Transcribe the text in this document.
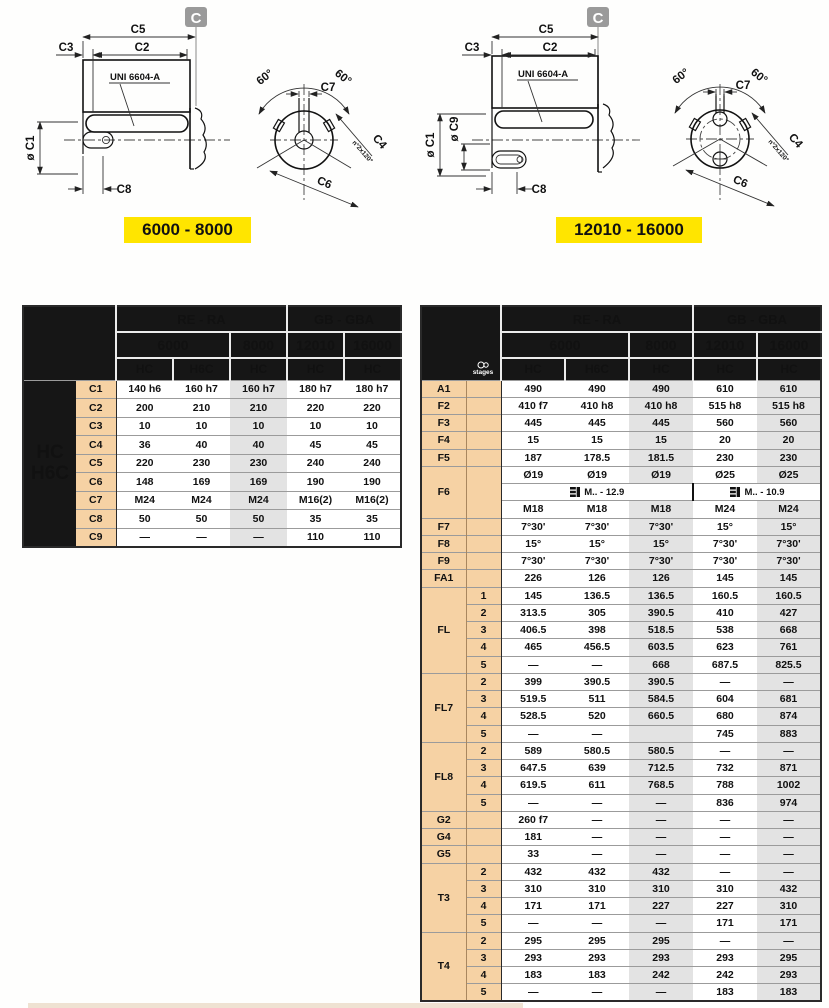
C
C5
C2
C3
UNI 6604-A
ø C1
C8
60°	60°
C7
C4
n°2x120°
C6
6000 - 8000
C
C5
C2
C3
UNI 6604-A
ø C1
ø C9
C8
60°	60°
C7
C4
n°2x120°
C6
12010 - 16000
		RE - RA			GB - GBA	
		6000		8000	12010	16000
		HC	H6C	HC	HC	HC
HC
H6C	C1	140 h6	160 h7	160 h7	180 h7	180 h7
	C2	200	210	210	220	220
	C3	10	10	10	10	10
	C4	36	40	40	45	45
	C5	220	230	230	240	240
	C6	148	169	169	190	190
	C7	M24	M24	M24	M16(2)	M16(2)
	C8	50	50	50	35	35
	C9	—	—	—	110	110
		RE - RA			GB - GBA	
		6000		8000	12010	16000

	stages	HC	H6C	HC	HC	HC
A1		490	490	490	610	610
F2		410 f7	410 h8	410 h8	515 h8	515 h8
F3		445	445	445	560	560
F4		15	15	15	20	20
F5		187	178.5	181.5	230	230
F6		Ø19	Ø19	Ø19	Ø25	Ø25
		M.. - 12.9			M.. - 10.9	
		M18	M18	M18	M24	M24
F7		7°30'	7°30'	7°30'	15°	15°
F8		15°	15°	15°	7°30'	7°30'
F9		7°30'	7°30'	7°30'	7°30'	7°30'
FA1		226	126	126	145	145
FL	1	145	136.5	136.5	160.5	160.5
	2	313.5	305	390.5	410	427
	3	406.5	398	518.5	538	668
	4	465	456.5	603.5	623	761
	5	—	—	668	687.5	825.5
FL7	2	399	390.5	390.5	—	—
	3	519.5	511	584.5	604	681
	4	528.5	520	660.5	680	874
	5	—	—		745	883
FL8	2	589	580.5	580.5	—	—
	3	647.5	639	712.5	732	871
	4	619.5	611	768.5	788	1002
	5	—	—	—	836	974
G2		260 f7	—	—	—	—
G4		181	—	—	—	—
G5		33	—	—	—	—
T3	2	432	432	432	—	—
	3	310	310	310	310	432
	4	171	171	227	227	310
	5	—	—	—	171	171
T4	2	295	295	295	—	—
	3	293	293	293	293	295
	4	183	183	242	242	293
	5	—	—	—	183	183
